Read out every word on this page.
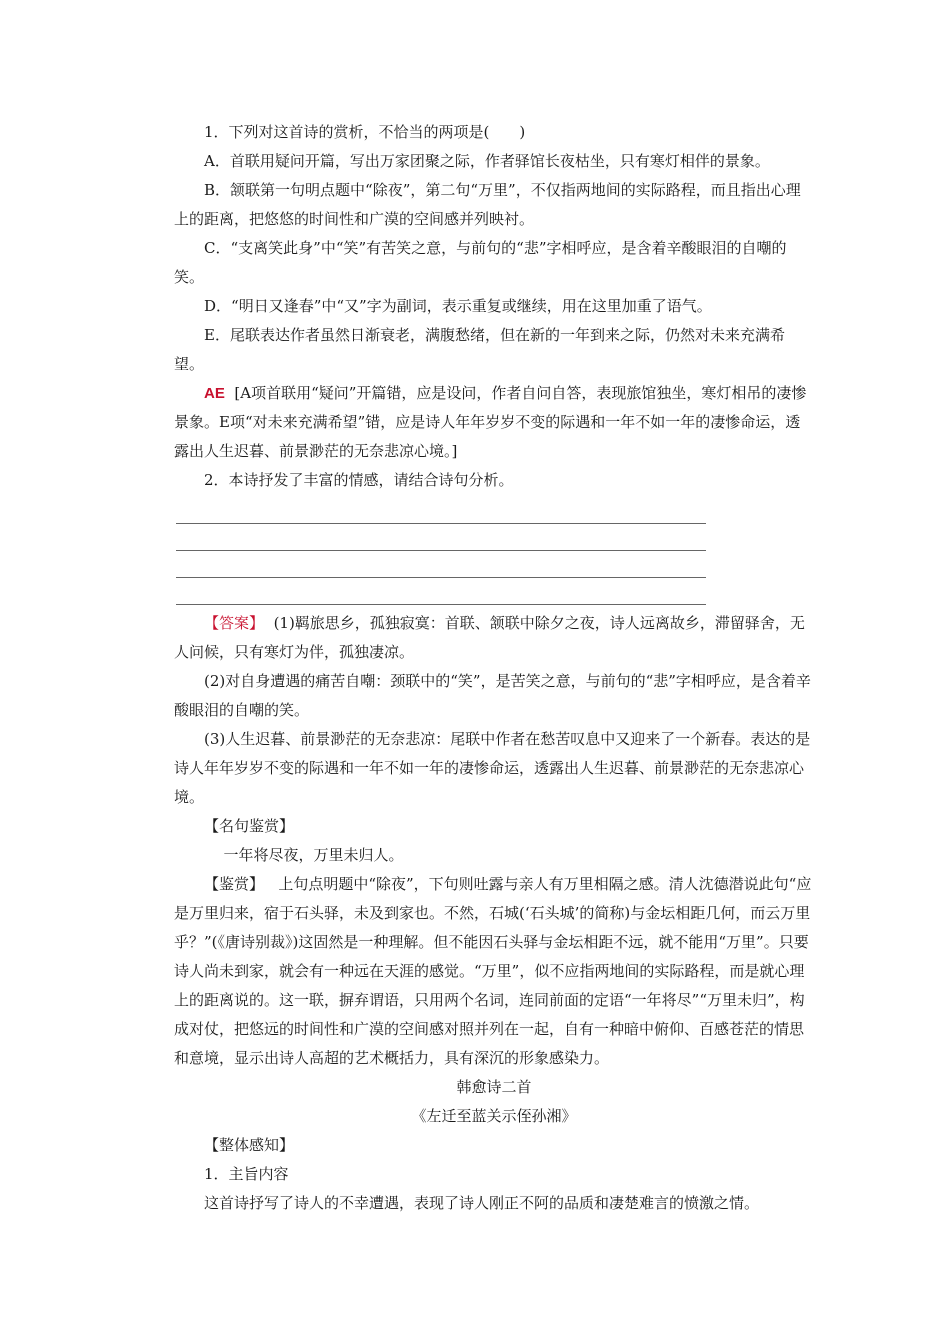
1．下列对这首诗的赏析，不恰当的两项是(　　)

A．首联用疑问开篇，写出万家团聚之际，作者驿馆长夜枯坐，只有寒灯相伴的景象。

B．颔联第一句明点题中“除夜”，第二句“万里”，不仅指两地间的实际路程，而且指出心理上的距离，把悠悠的时间性和广漠的空间感并列映衬。

C．“支离笑此身”中“笑”有苦笑之意，与前句的“悲”字相呼应，是含着辛酸眼泪的自嘲的笑。

D．“明日又逢春”中“又”字为副词，表示重复或继续，用在这里加重了语气。

E．尾联表达作者虽然日渐衰老，满腹愁绪，但在新的一年到来之际，仍然对未来充满希望。

AE [A项首联用“疑问”开篇错，应是设问，作者自问自答，表现旅馆独坐，寒灯相吊的凄惨景象。E项“对未来充满希望”错，应是诗人年年岁岁不变的际遇和一年不如一年的凄惨命运，透露出人生迟暮、前景渺茫的无奈悲凉心境。]

2．本诗抒发了丰富的情感，请结合诗句分析。

【答案】 (1)羁旅思乡，孤独寂寞：首联、颔联中除夕之夜，诗人远离故乡，滞留驿舍，无人问候，只有寒灯为伴，孤独凄凉。

(2)对自身遭遇的痛苦自嘲：颈联中的“笑”，是苦笑之意，与前句的“悲”字相呼应，是含着辛酸眼泪的自嘲的笑。

(3)人生迟暮、前景渺茫的无奈悲凉：尾联中作者在愁苦叹息中又迎来了一个新春。表达的是诗人年年岁岁不变的际遇和一年不如一年的凄惨命运，透露出人生迟暮、前景渺茫的无奈悲凉心境。

【名句鉴赏】

一年将尽夜，万里未归人。

【鉴赏】 上句点明题中“除夜”，下句则吐露与亲人有万里相隔之感。清人沈德潜说此句“应是万里归来，宿于石头驿，未及到家也。不然，石城(‘石头城’的简称)与金坛相距几何，而云万里乎？”(《唐诗别裁》)这固然是一种理解。但不能因石头驿与金坛相距不远，就不能用“万里”。只要诗人尚未到家，就会有一种远在天涯的感觉。“万里”，似不应指两地间的实际路程，而是就心理上的距离说的。这一联，摒弃谓语，只用两个名词，连同前面的定语“一年将尽”“万里未归”，构成对仗，把悠远的时间性和广漠的空间感对照并列在一起，自有一种暗中俯仰、百感苍茫的情思和意境，显示出诗人高超的艺术概括力，具有深沉的形象感染力。

韩愈诗二首

《左迁至蓝关示侄孙湘》

【整体感知】

1．主旨内容

这首诗抒写了诗人的不幸遭遇，表现了诗人刚正不阿的品质和凄楚难言的愤激之情。
